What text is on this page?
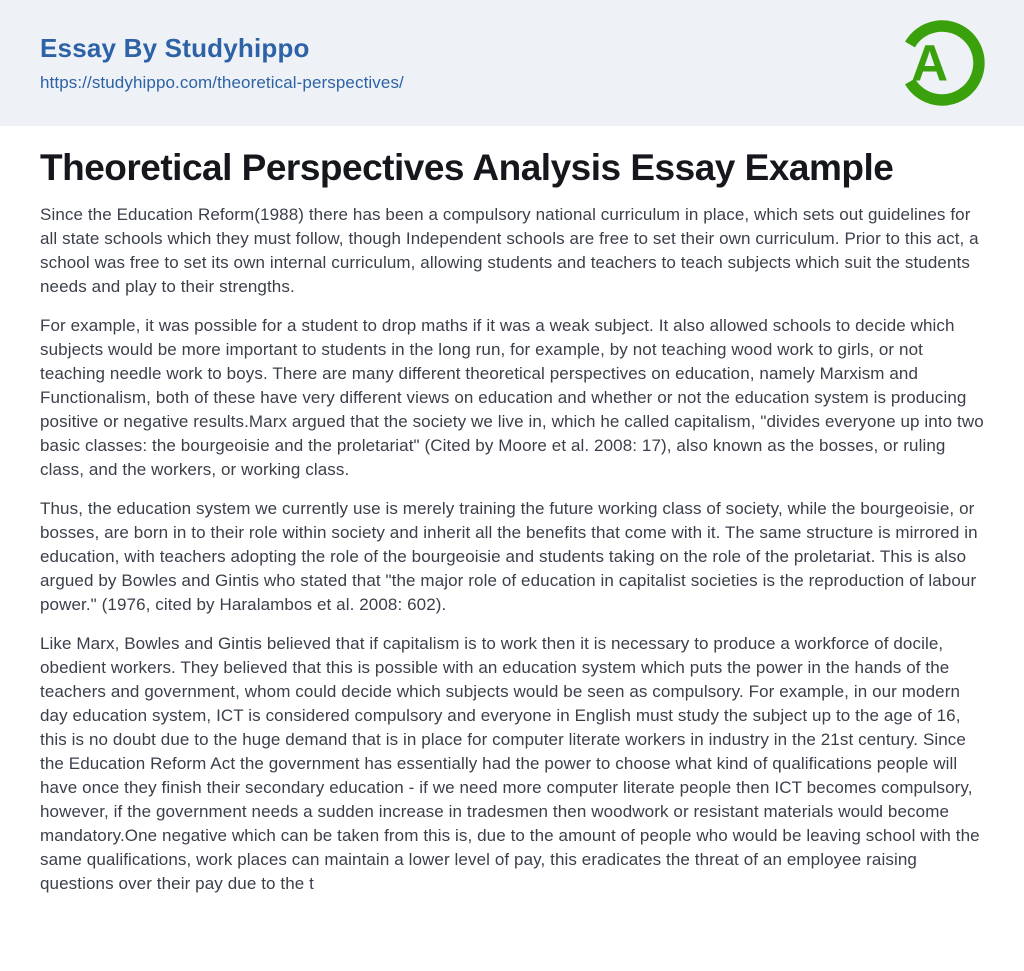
Essay By Studyhippo
https://studyhippo.com/theoretical-perspectives/	A
Theoretical Perspectives Analysis Essay Example

Since the Education Reform(1988) there has been a compulsory national curriculum in place, which sets out guidelines for all state schools which they must follow, though Independent schools are free to set their own curriculum. Prior to this act, a school was free to set its own internal curriculum, allowing students and teachers to teach subjects which suit the students needs and play to their strengths.

For example, it was possible for a student to drop maths if it was a weak subject. It also allowed schools to decide which subjects would be more important to students in the long run, for example, by not teaching wood work to girls, or not teaching needle work to boys. There are many different theoretical perspectives on education, namely Marxism and Functionalism, both of these have very different views on education and whether or not the education system is producing positive or negative results.Marx argued that the society we live in, which he called capitalism, "divides everyone up into two basic classes: the bourgeoisie and the proletariat" (Cited by Moore et al. 2008: 17), also known as the bosses, or ruling class, and the workers, or working class.

Thus, the education system we currently use is merely training the future working class of society, while the bourgeoisie, or bosses, are born in to their role within society and inherit all the benefits that come with it. The same structure is mirrored in education, with teachers adopting the role of the bourgeoisie and students taking on the role of the proletariat. This is also argued by Bowles and Gintis who stated that "the major role of education in capitalist societies is the reproduction of labour power." (1976, cited by Haralambos et al. 2008: 602).

Like Marx, Bowles and Gintis believed that if capitalism is to work then it is necessary to produce a workforce of docile, obedient workers. They believed that this is possible with an education system which puts the power in the hands of the teachers and government, whom could decide which subjects would be seen as compulsory. For example, in our modern day education system, ICT is considered compulsory and everyone in English must study the subject up to the age of 16, this is no doubt due to the huge demand that is in place for computer literate workers in industry in the 21st century. Since the Education Reform Act the government has essentially had the power to choose what kind of qualifications people will have once they finish their secondary education - if we need more computer literate people then ICT becomes compulsory, however, if the government needs a sudden increase in tradesmen then woodwork or resistant materials would become mandatory.One negative which can be taken from this is, due to the amount of people who would be leaving school with the same qualifications, work places can maintain a lower level of pay, this eradicates the threat of an employee raising questions over their pay due to the t
